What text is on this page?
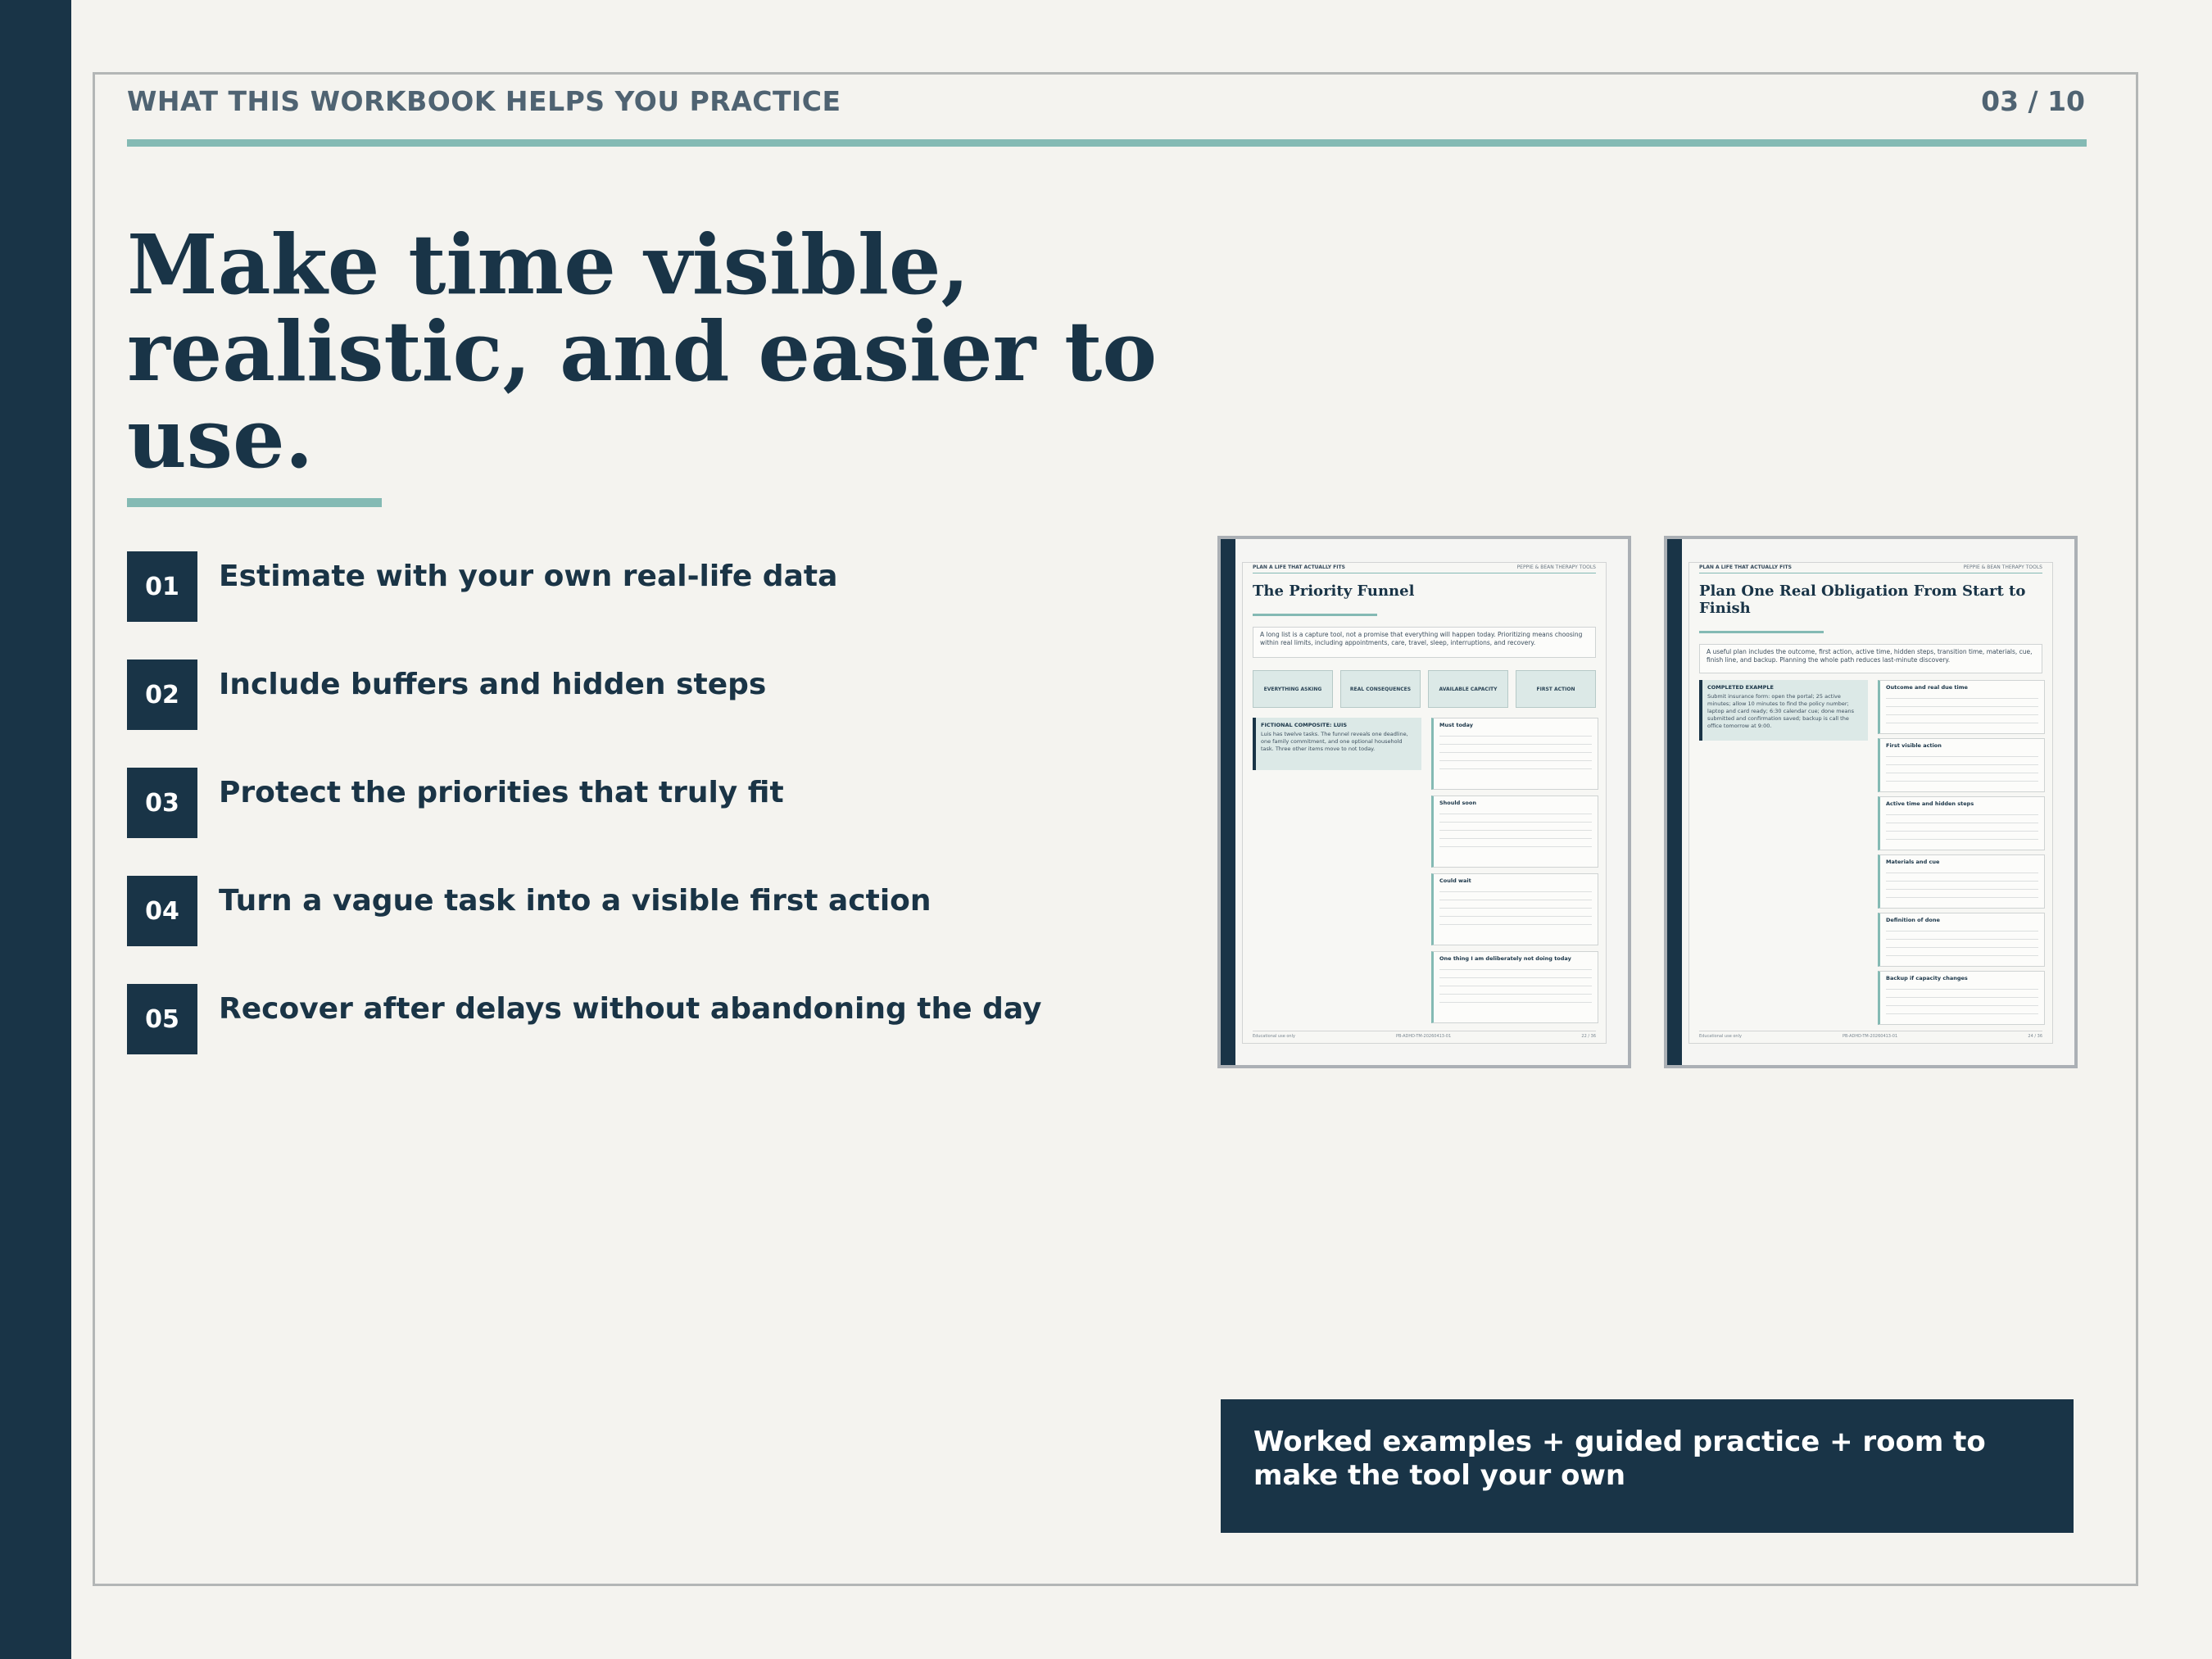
WHAT THIS WORKBOOK HELPS YOU PRACTICE	03 / 10
Make time visible, realistic, and easier to use.
01	Estimate with your own real-life data
02	Include buffers and hidden steps
03	Protect the priorities that truly fit
04	Turn a vague task into a visible first action
05	Recover after delays without abandoning the day
PLAN A LIFE THAT ACTUALLY FITS	PEPPIE & BEAN THERAPY TOOLS
The Priority Funnel
A long list is a capture tool, not a promise that everything will happen today. Prioritizing means choosing within real limits, including appointments, care, travel, sleep, interruptions, and recovery.
EVERYTHING ASKING	REAL CONSEQUENCES	AVAILABLE CAPACITY	FIRST ACTION
FICTIONAL COMPOSITE: LUIS
Luis has twelve tasks. The funnel reveals one deadline, one family commitment, and one optional household task. Three other items move to not today.
Must today
Should soon
Could wait
One thing I am deliberately not doing today
Educational use only	PB-ADHD-TM-20260413-01	22 / 36
PLAN A LIFE THAT ACTUALLY FITS	PEPPIE & BEAN THERAPY TOOLS
Plan One Real Obligation From Start to Finish
A useful plan includes the outcome, first action, active time, hidden steps, transition time, materials, cue, finish line, and backup. Planning the whole path reduces last-minute discovery.
COMPLETED EXAMPLE
Submit insurance form: open the portal; 25 active minutes; allow 10 minutes to find the policy number; laptop and card ready; 6:30 calendar cue; done means submitted and confirmation saved; backup is call the office tomorrow at 9:00.
Outcome and real due time
First visible action
Active time and hidden steps
Materials and cue
Definition of done
Backup if capacity changes
Educational use only	PB-ADHD-TM-20260413-01	24 / 36
Worked examples + guided practice + room to make the tool your own
